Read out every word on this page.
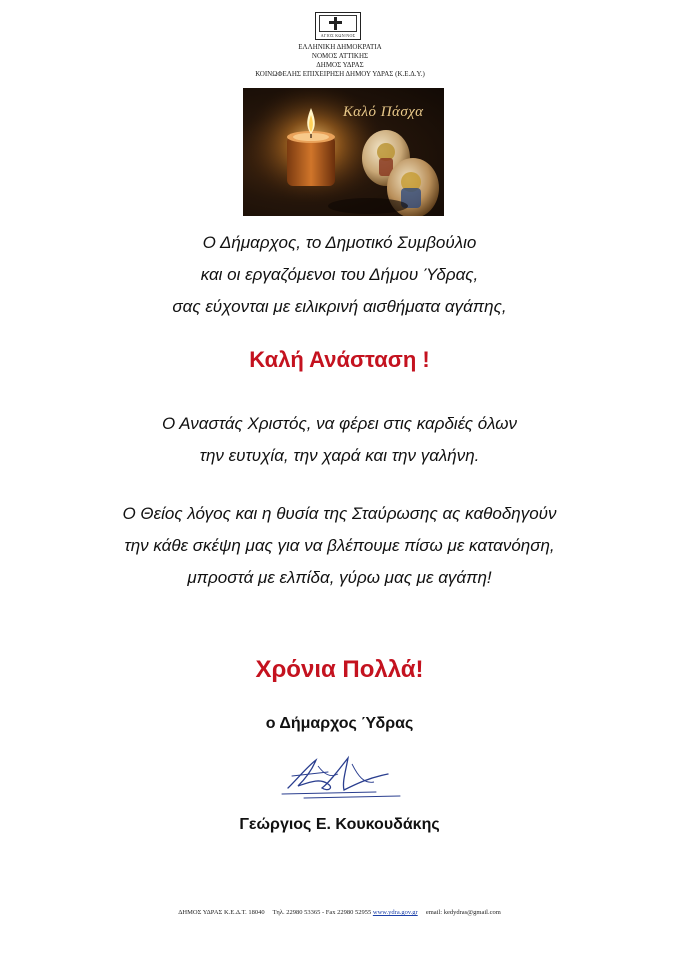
ΑΓΙΟΣ ΚΩΝ/ΝΟΣ
ΕΛΛΗΝΙΚΗ ΔΗΜΟΚΡΑΤΙΑ
ΝΟΜΟΣ ΑΤΤΙΚΗΣ
ΔΗΜΟΣ ΥΔΡΑΣ
ΚΟΙΝΩΦΕΛΗΣ ΕΠΙΧΕΙΡΗΣΗ ΔΗΜΟΥ ΥΔΡΑΣ (Κ.Ε.Δ.Υ.)
Καλό Πάσχα
Ο Δήμαρχος, το Δημοτικό Συμβούλιο
και οι εργαζόμενοι του Δήμου Ύδρας,
σας εύχονται με ειλικρινή αισθήματα αγάπης,
Καλή Ανάσταση !
Ο Αναστάς Χριστός, να φέρει στις καρδιές όλων
την ευτυχία, την χαρά και την γαλήνη.
Ο Θείος λόγος και η θυσία της Σταύρωσης ας καθοδηγούν
την κάθε σκέψη μας για να βλέπουμε πίσω με κατανόηση,
μπροστά με ελπίδα, γύρω μας με αγάπη!
Χρόνια Πολλά!
ο Δήμαρχος Ύδρας
Γεώργιος Ε. Κουκουδάκης
ΔΗΜΟΣ ΥΔΡΑΣ Κ.Ε.Δ.Τ. 18040 Τηλ. 22980 53365 - Fax 22980 52955 www.ydra.gov.gr email: kedydras@gmail.com
